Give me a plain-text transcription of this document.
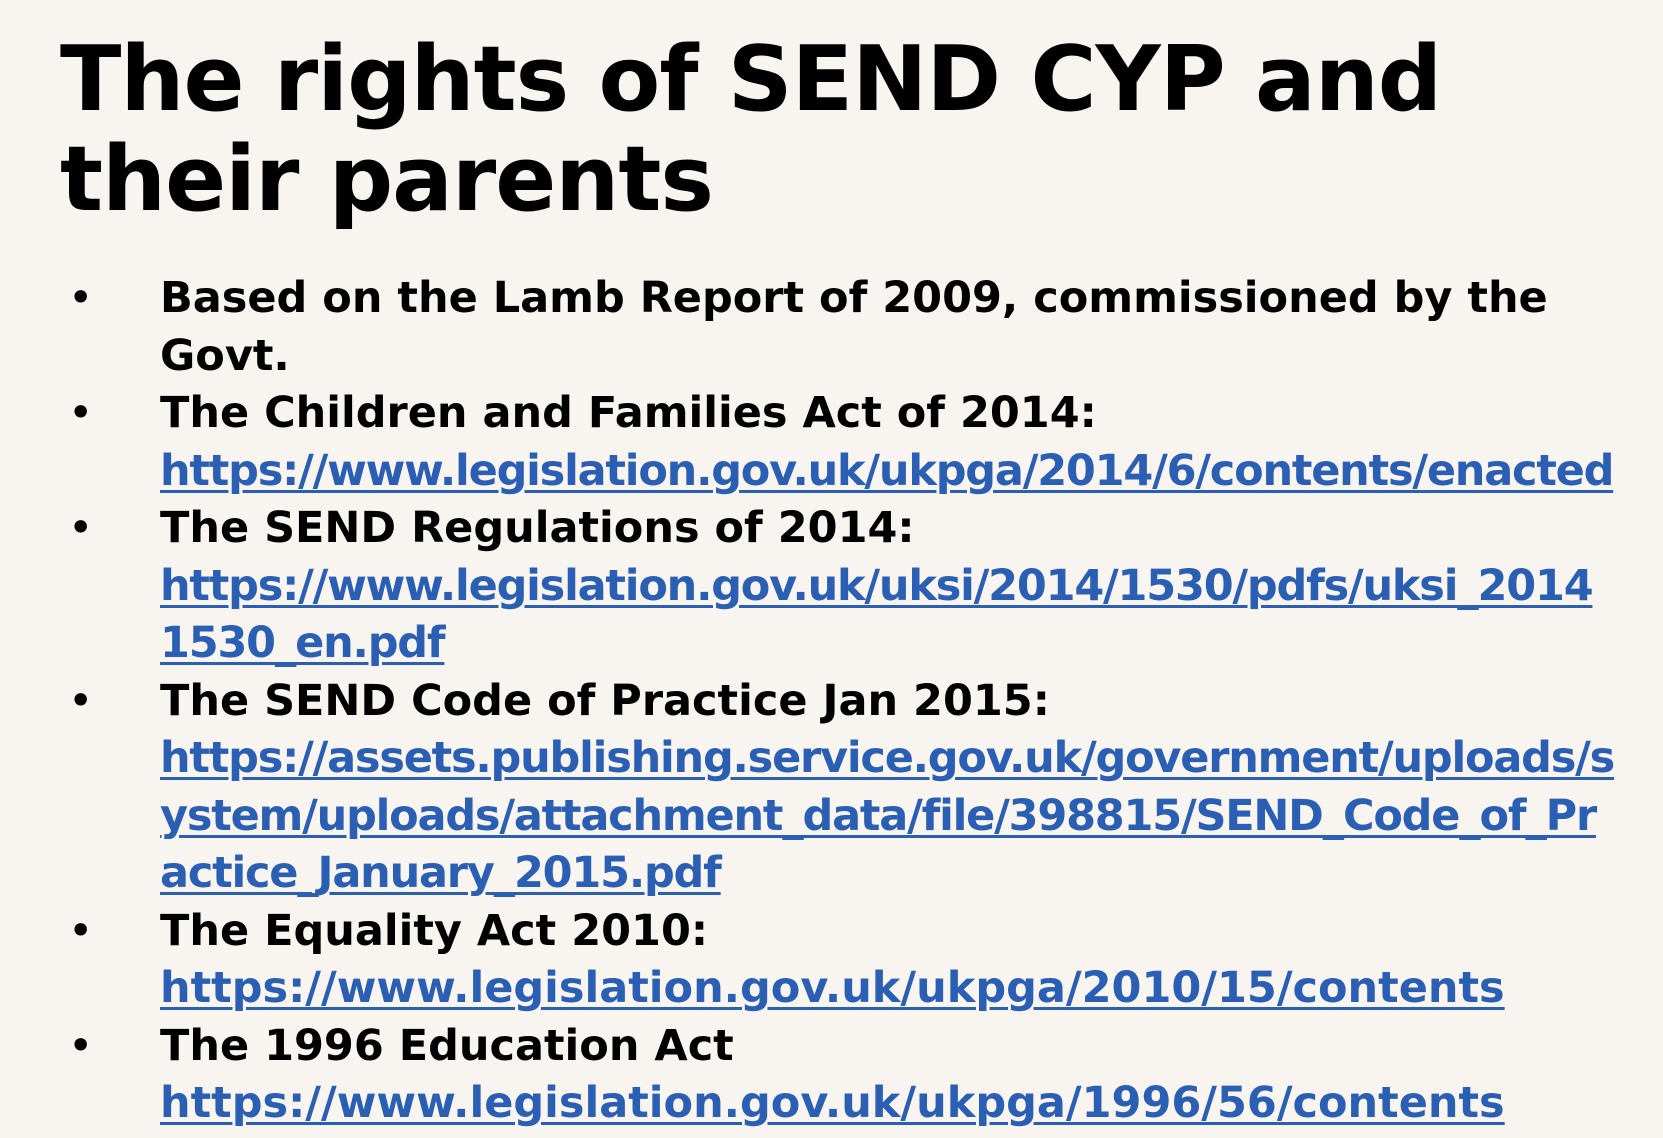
The rights of SEND CYP and their parents
• Based on the Lamb Report of 2009, commissioned by the Govt.
• The Children and Families Act of 2014:
https://www.legislation.gov.uk/ukpga/2014/6/contents/enacted
• The SEND Regulations of 2014:
https://www.legislation.gov.uk/uksi/2014/1530/pdfs/uksi_20141530_en.pdf
• The SEND Code of Practice Jan 2015:
https://assets.publishing.service.gov.uk/government/uploads/system/uploads/attachment_data/file/398815/SEND_Code_of_Practice_January_2015.pdf
• The Equality Act 2010:
https://www.legislation.gov.uk/ukpga/2010/15/contents
• The 1996 Education Act
https://www.legislation.gov.uk/ukpga/1996/56/contents
